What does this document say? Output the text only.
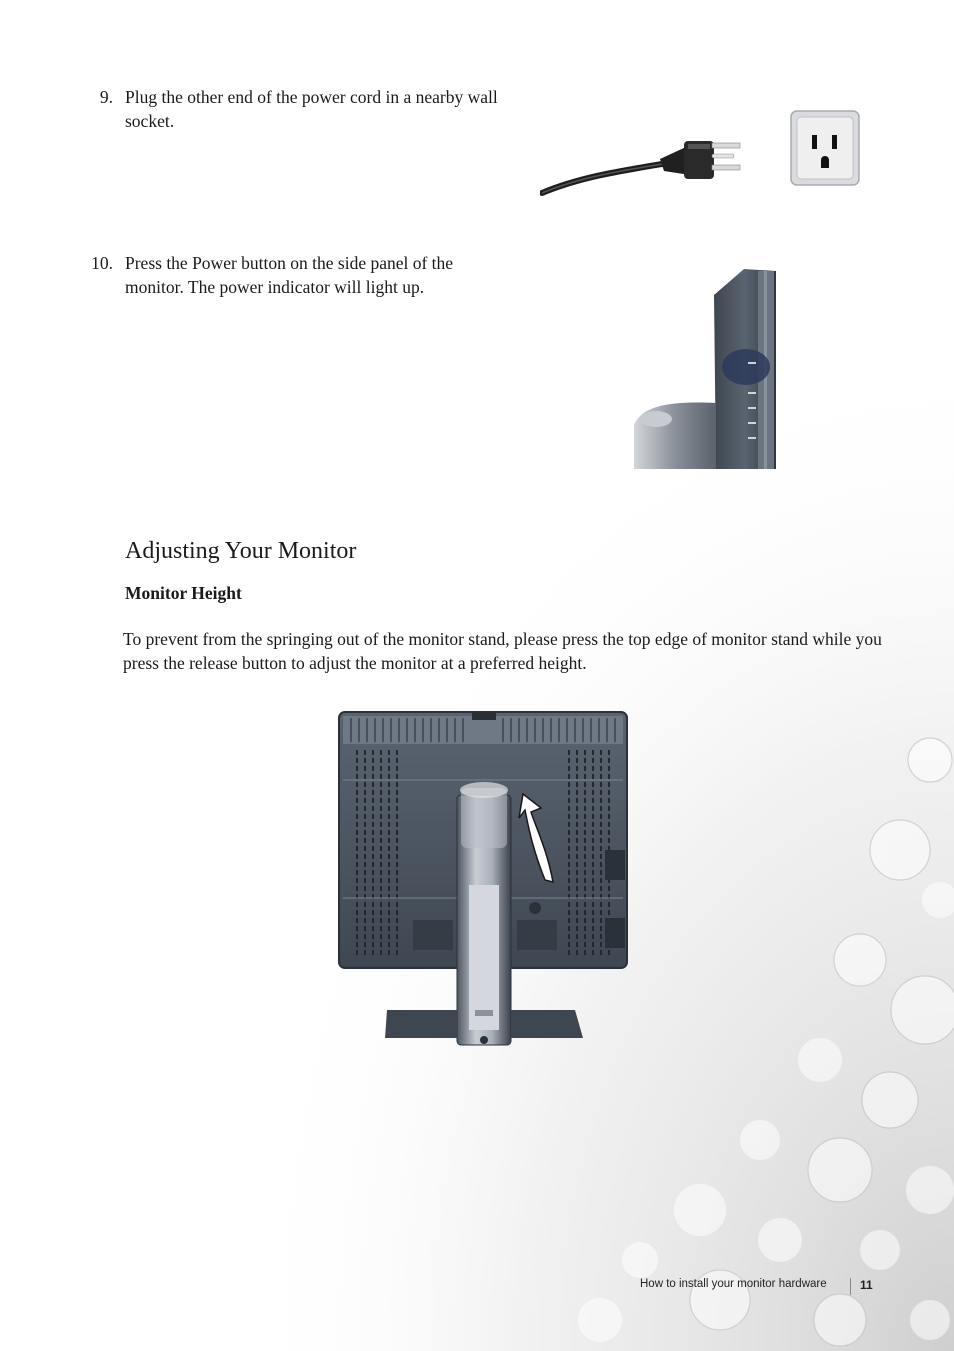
9. Plug the other end of the power cord in a nearby wall socket.
10. Press the Power button on the side panel of the monitor. The power indicator will light up.
Adjusting Your Monitor
Monitor Height

To prevent from the springing out of the monitor stand, please press the top edge of monitor stand while you press the release button to adjust the monitor at a preferred height.

How to install your monitor hardware	11
